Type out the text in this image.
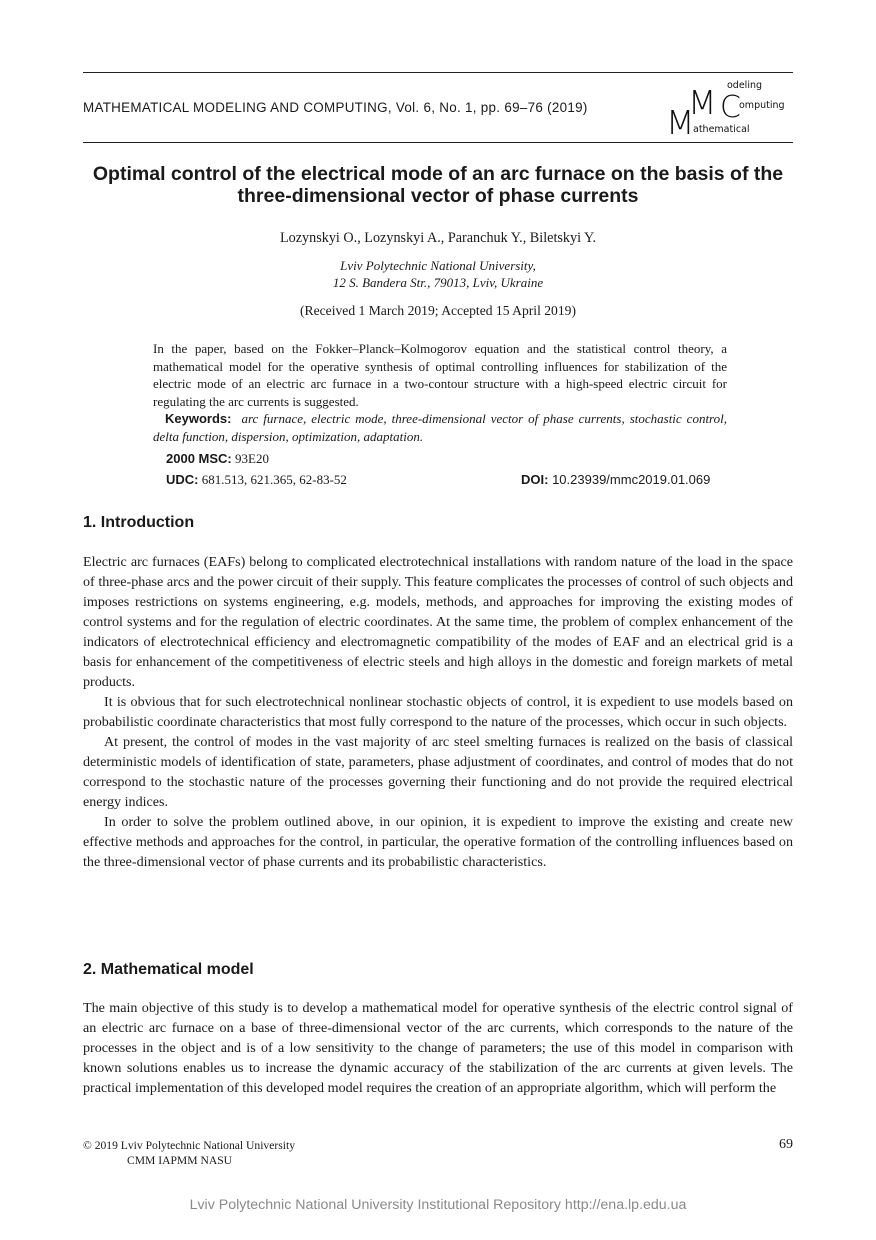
MATHEMATICAL MODELING AND COMPUTING, Vol. 6, No. 1, pp. 69–76 (2019) M
M C
odeling
omputing
athematical
Optimal control of the electrical mode of an arc furnace on the basis of the three-dimensional vector of phase currents
Lozynskyi O., Lozynskyi A., Paranchuk Y., Biletskyi Y.
Lviv Polytechnic National University,
12 S. Bandera Str., 79013, Lviv, Ukraine
(Received 1 March 2019; Accepted 15 April 2019)
In the paper, based on the Fokker–Planck–Kolmogorov equation and the statistical control theory, a mathematical model for the operative synthesis of optimal controlling influences for stabilization of the electric mode of an electric arc furnace in a two-contour structure with a high-speed electric circuit for regulating the arc currents is suggested.
Keywords: arc furnace, electric mode, three-dimensional vector of phase currents, stochastic control, delta function, dispersion, optimization, adaptation.
2000 MSC: 93E20
UDC: 681.513, 621.365, 62-83-52	DOI: 10.23939/mmc2019.01.069
1. Introduction

Electric arc furnaces (EAFs) belong to complicated electrotechnical installations with random nature of the load in the space of three-phase arcs and the power circuit of their supply. This feature complicates the processes of control of such objects and imposes restrictions on systems engineering, e.g. models, methods, and approaches for improving the existing modes of control systems and for the regulation of electric coordinates. At the same time, the problem of complex enhancement of the indicators of electrotechnical efficiency and electromagnetic compatibility of the modes of EAF and an electrical grid is a basis for enhancement of the competitiveness of electric steels and high alloys in the domestic and foreign markets of metal products.

It is obvious that for such electrotechnical nonlinear stochastic objects of control, it is expedient to use models based on probabilistic coordinate characteristics that most fully correspond to the nature of the processes, which occur in such objects.

At present, the control of modes in the vast majority of arc steel smelting furnaces is realized on the basis of classical deterministic models of identification of state, parameters, phase adjustment of coordinates, and control of modes that do not correspond to the stochastic nature of the processes governing their functioning and do not provide the required electrical energy indices.

In order to solve the problem outlined above, in our opinion, it is expedient to improve the existing and create new effective methods and approaches for the control, in particular, the operative formation of the controlling influences based on the three-dimensional vector of phase currents and its probabilistic characteristics.

2. Mathematical model

The main objective of this study is to develop a mathematical model for operative synthesis of the electric control signal of an electric arc furnace on a base of three-dimensional vector of the arc currents, which corresponds to the nature of the processes in the object and is of a low sensitivity to the change of parameters; the use of this model in comparison with known solutions enables us to increase the dynamic accuracy of the stabilization of the arc currents at given levels. The practical implementation of this developed model requires the creation of an appropriate algorithm, which will perform the

© 2019 Lviv Polytechnic National University
CMM IAPMM NASU
69
Lviv Polytechnic National University Institutional Repository http://ena.lp.edu.ua
